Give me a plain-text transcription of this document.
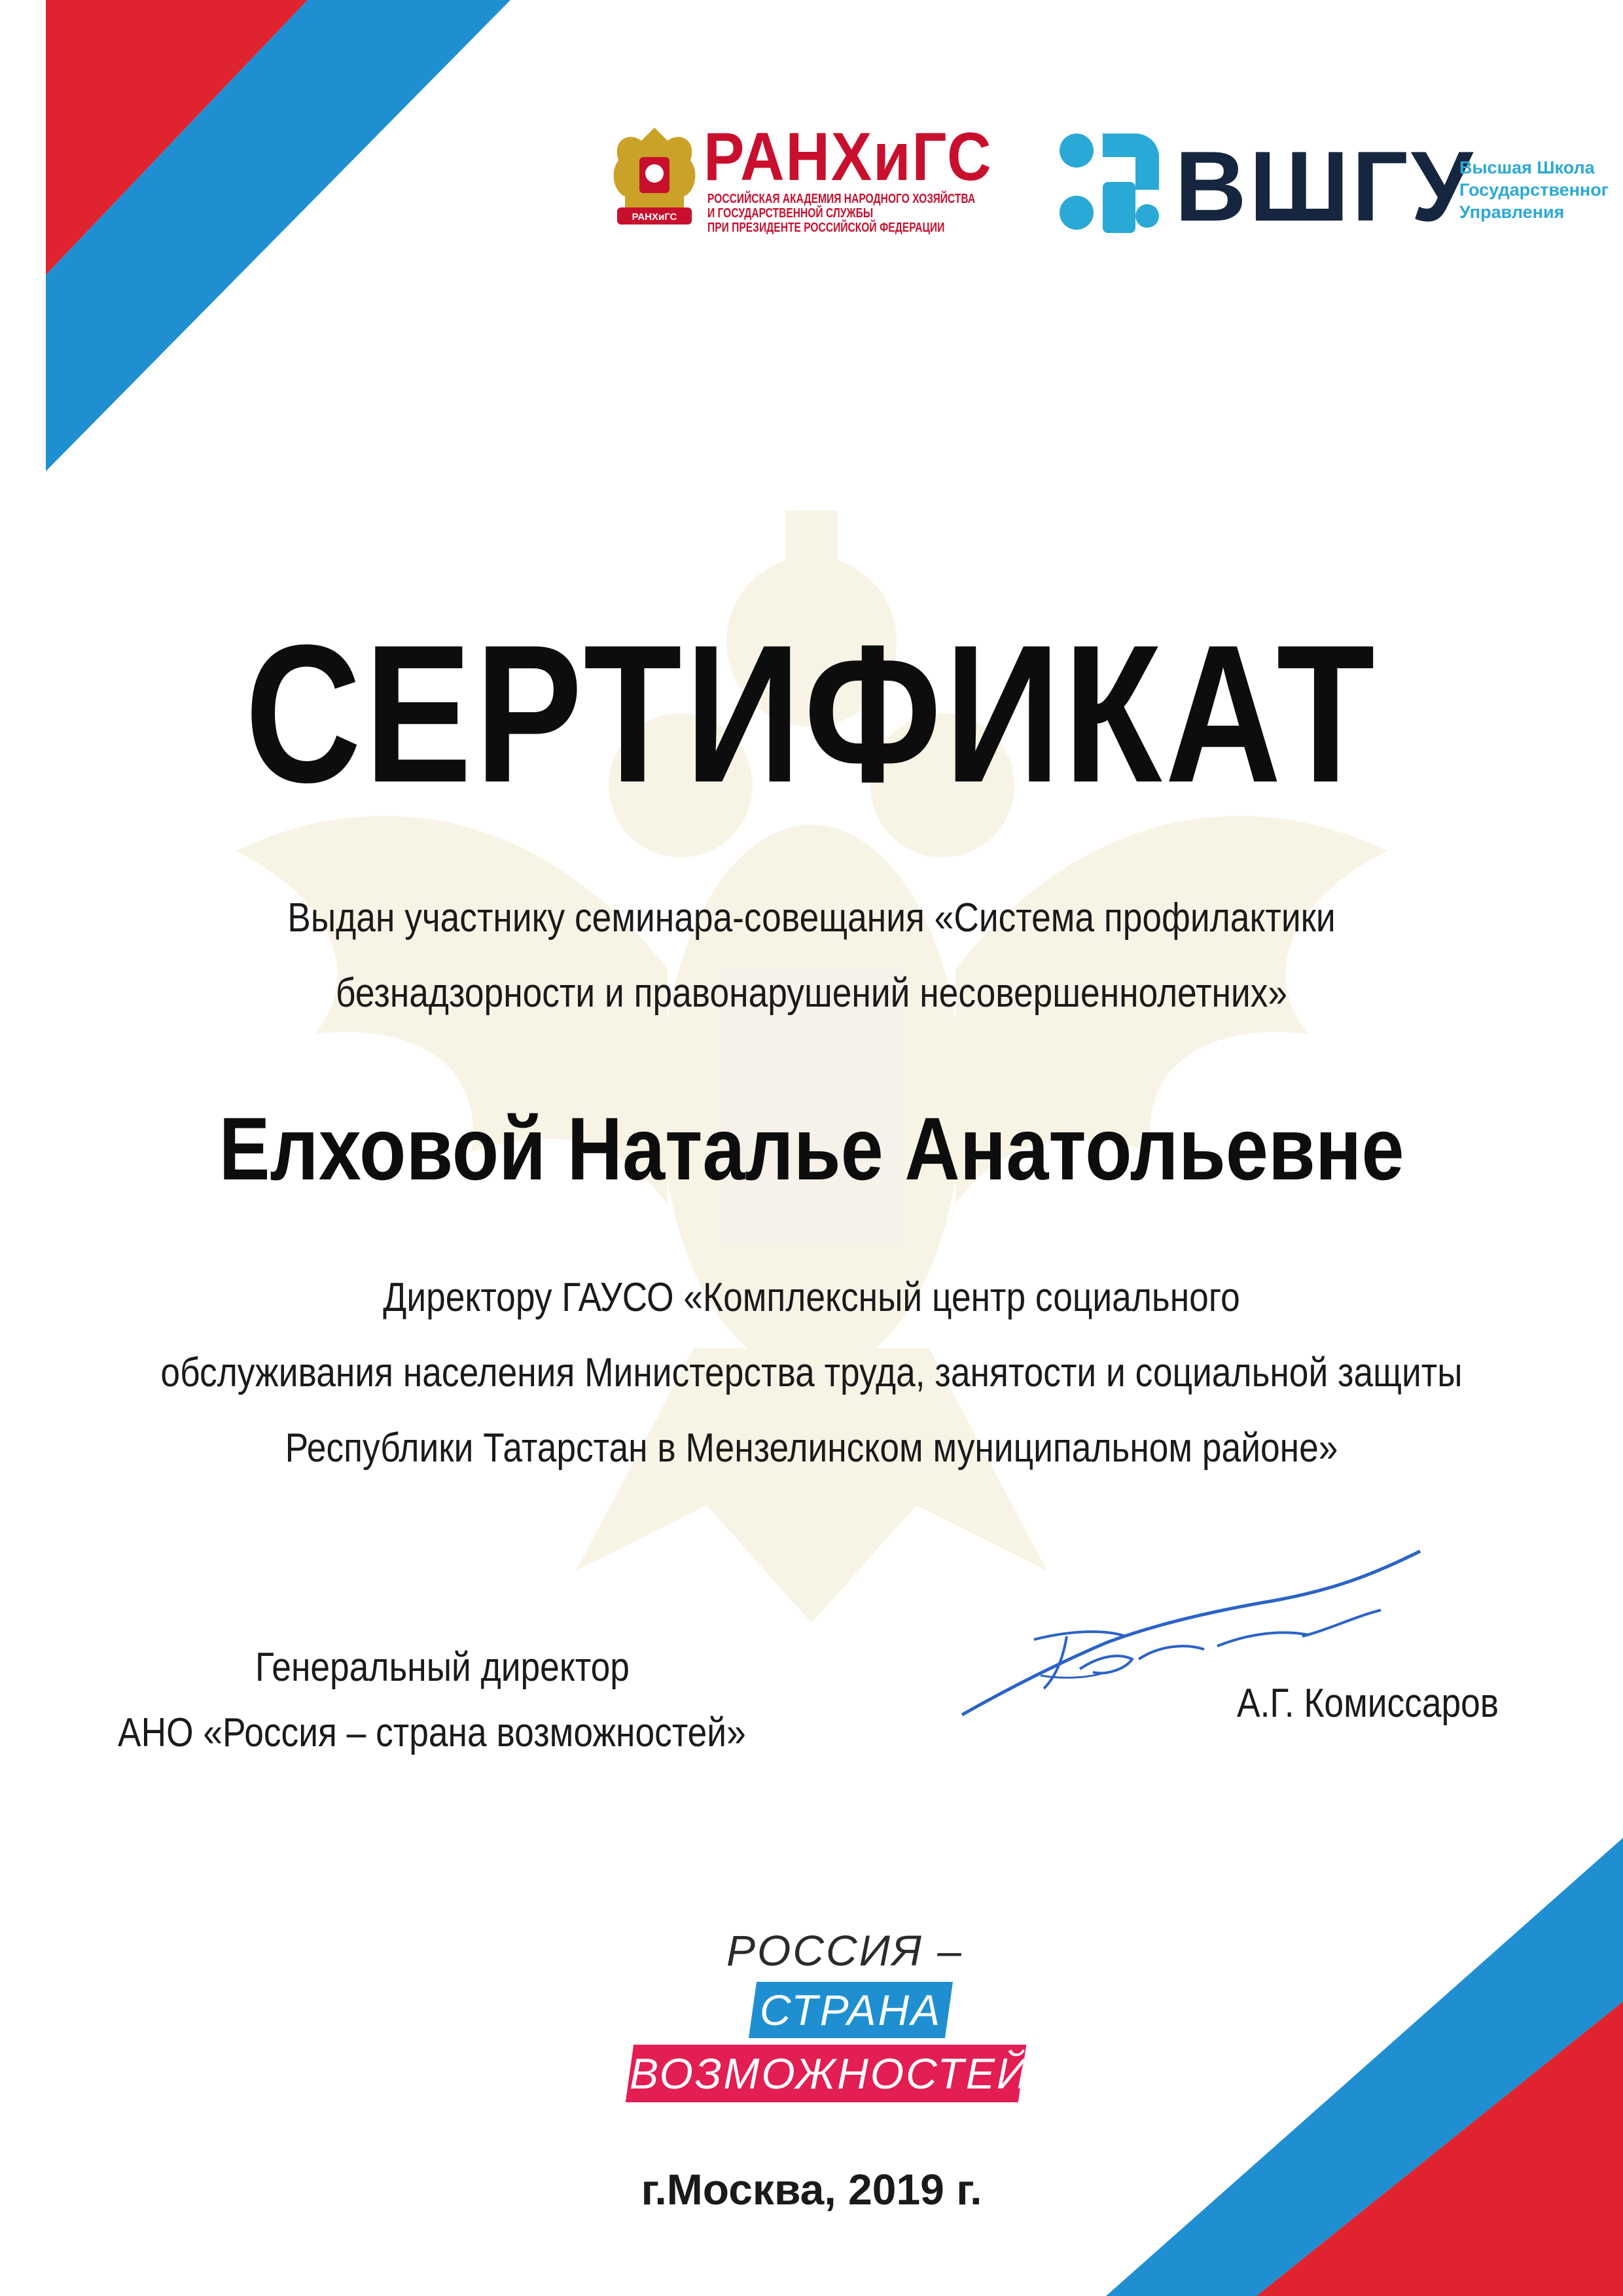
РАНХиГС
РАНХиГС
РОССИЙСКАЯ АКАДЕМИЯ НАРОДНОГО ХОЗЯЙСТВА
И ГОСУДАРСТВЕННОЙ СЛУЖБЫ
ПРИ ПРЕЗИДЕНТЕ РОССИЙСКОЙ ФЕДЕРАЦИИ ВШГУ
Высшая Школа
Государственног
Управления
СЕРТИФИКАТ
Выдан участнику семинара-совещания «Система профилактики
безнадзорности и правонарушений несовершеннолетних»
Елховой Наталье Анатольевне
Директору ГАУСО «Комплексный центр социального
обслуживания населения Министерства труда, занятости и социальной защиты
Республики Татарстан в Мензелинском муниципальном районе»
Генеральный директор
АНО «Россия – страна возможностей»
А.Г. Комиссаров
РОССИЯ –
СТРАНА
ВОЗМОЖНОСТЕЙ
г.Москва, 2019 г.
